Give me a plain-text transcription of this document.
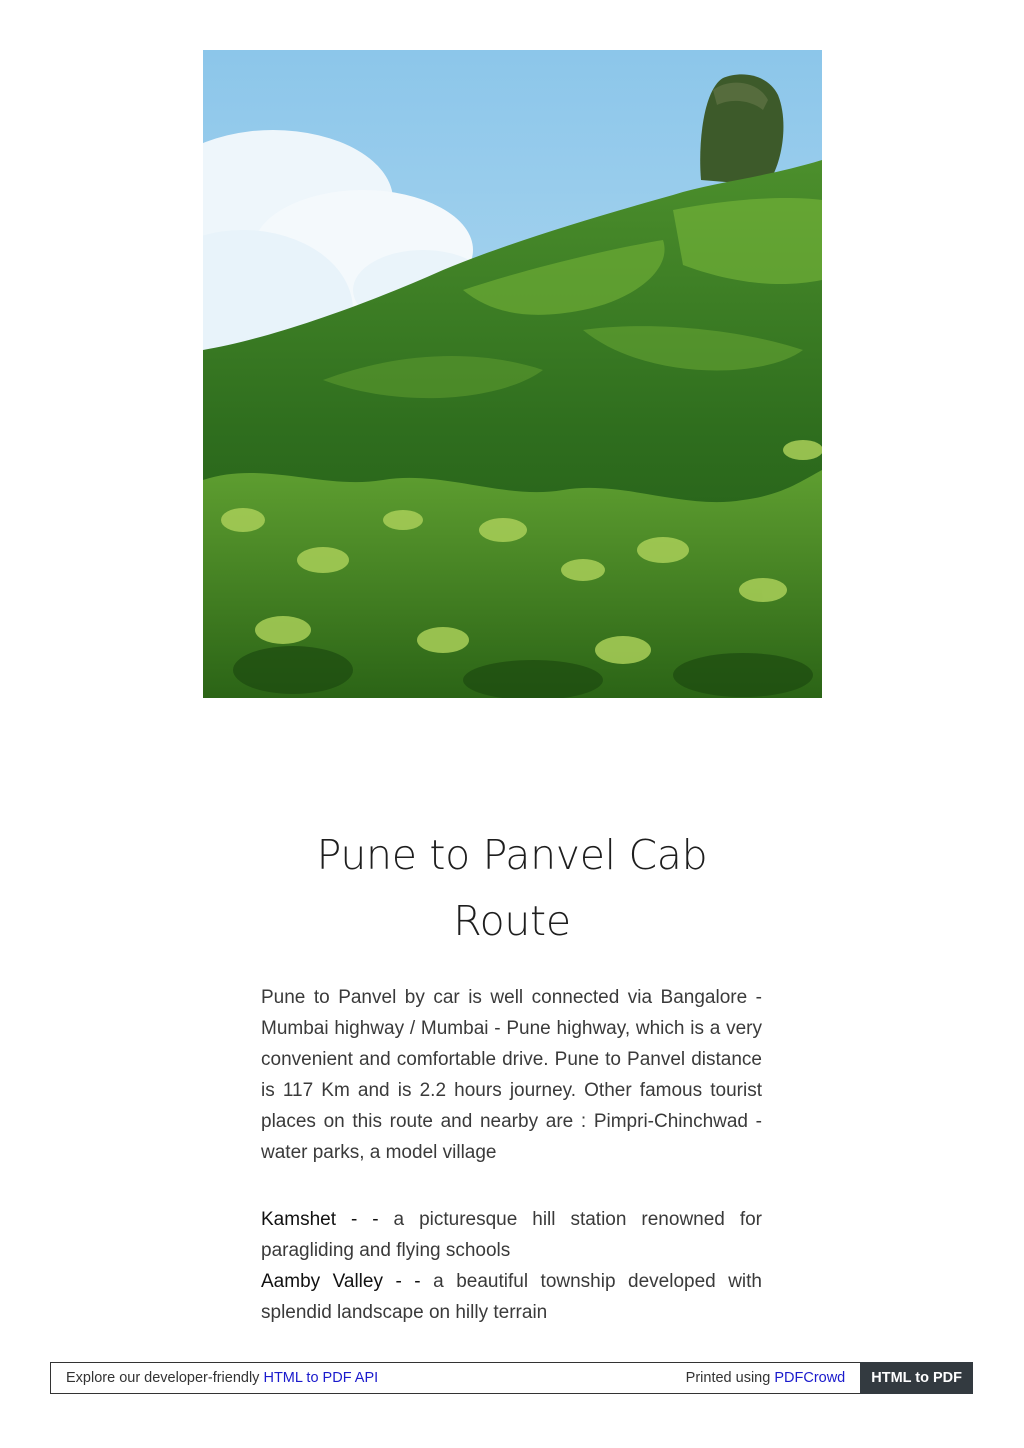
Pune to Panvel Cab
Route

Pune to Panvel by car is well connected via Bangalore - Mumbai highway / Mumbai - Pune highway, which is a very convenient and comfortable drive. Pune to Panvel distance is 117 Km and is 2.2 hours journey. Other famous tourist places on this route and nearby are : Pimpri-Chinchwad - water parks, a model village

Kamshet - - a picturesque hill station renowned for paragliding and flying schools
Aamby Valley - - a beautiful township developed with splendid landscape on hilly terrain
Explore our developer-friendly HTML to PDF API	Printed using PDFCrowd	HTML to PDF
